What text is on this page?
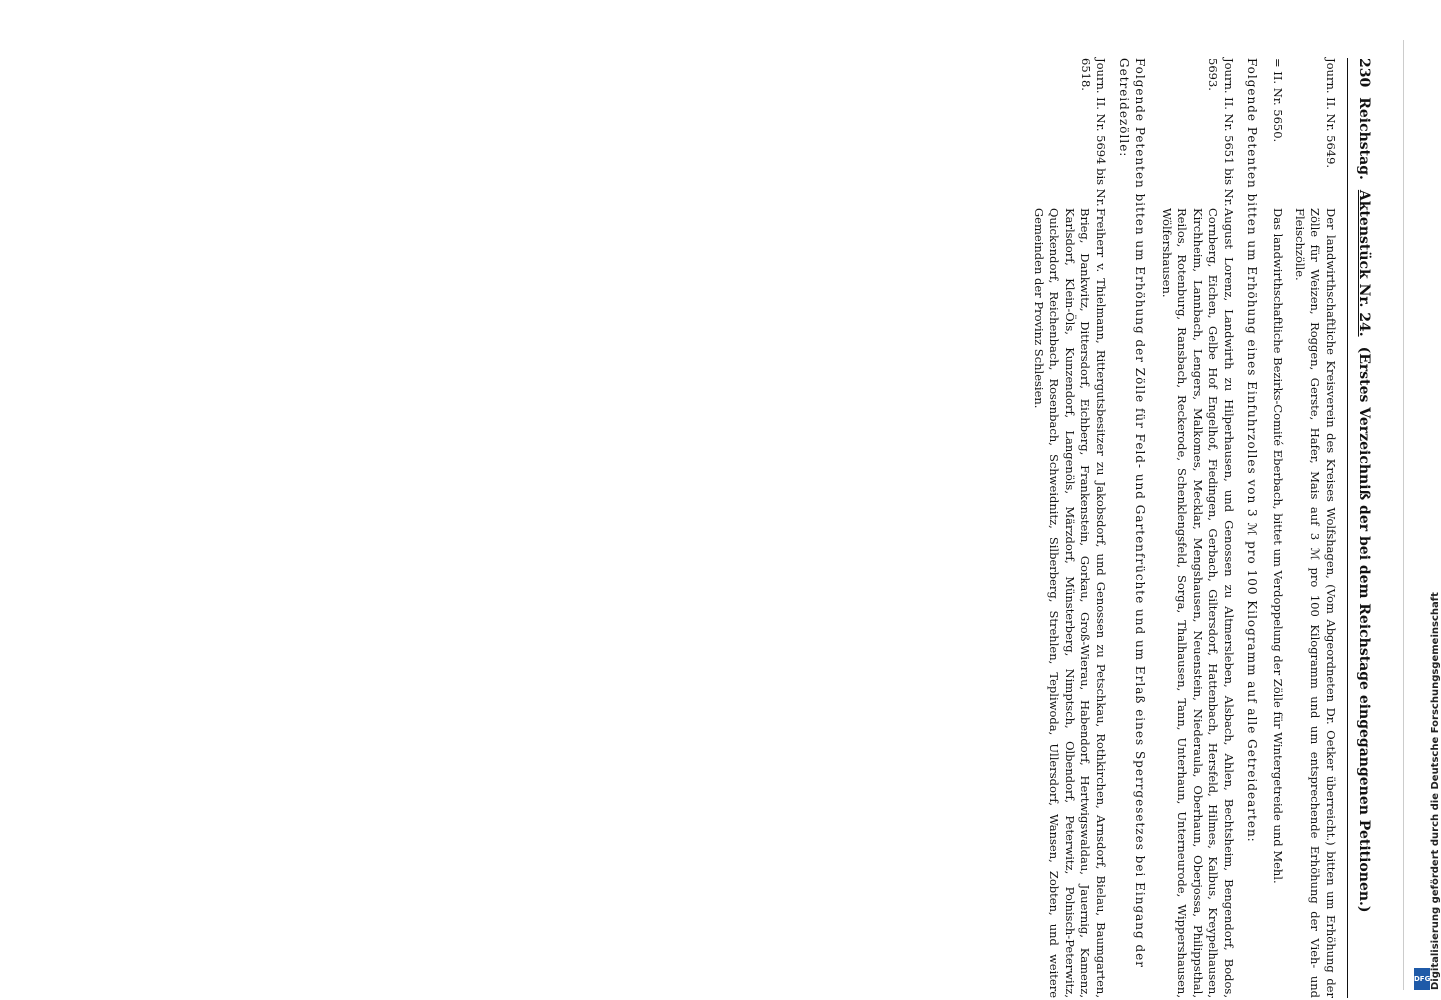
230
Reichstag.
Aktenstück Nr. 24.
(Erstes Verzeichniß der bei dem Reichstage eingegangenen Petitionen.)
Journ. II. Nr. 5649.
Der landwirthschaftliche Kreisverein des Kreises Wolfshagen, (Vom Abgeordneten Dr. Oetker überreicht.) bitten um Erhöhung der Zölle für Weizen, Roggen, Gerste, Hafer, Mais auf 3 ℳ pro 100 Kilogramm und um entsprechende Erhöhung der Vieh- und Fleischzölle.
= II. Nr. 5650.
Das landwirthschaftliche Bezirks-Comité Eberbach, bittet um Verdoppelung der Zölle für Wintergetreide und Mehl.
Folgende Petenten bitten um Erhöhung eines Einfuhrzolles von 3 ℳ pro 100 Kilogramm auf alle Getreidearten:
Journ. II. Nr. 5651 bis Nr. 5693.
August Lorenz, Landwirth zu Hilperhausen, und Genossen zu Altmersleben, Alsbach, Ahlen, Bechtsheim, Bengendorf, Bodos, Cornberg, Eichen, Gelbe Hof Engelhof, Fiedingen, Gerbach, Giltersdorf, Hattenbach, Hersfeld, Hilmes, Kalbus, Kreypelhausen, Kirchheim, Lannbach, Lengers, Malkomes, Mecklar, Mengshausen, Neuenstein, Niederaula, Oberhaun, Oberjossa, Philippsthal, Reilos, Rotenburg, Ransbach, Reckerode, Schenklengsfeld, Sorga, Thalhausen, Tann, Unterhaun, Unterneurode, Wippershausen, Wölfershausen.
Folgende Petenten bitten um Erhöhung der Zölle für Feld- und Gartenfrüchte und um Erlaß eines Sperrgesetzes bei Eingang der Getreidezölle:
Journ. II. Nr. 5694 bis Nr. 6518.
Freiherr v. Thielmann, Rittergutsbesitzer zu Jakobsdorf, und Genossen zu Petschkau, Rothkirchen, Arnsdorf, Bielau, Baumgarten, Brieg, Dankwitz, Dittersdorf, Eichberg, Frankenstein, Gorkau, Groß-Wierau, Habendorf, Hertwigswaldau, Jauernig, Kamenz, Karlsdorf, Klein-Öls, Kunzendorf, Langenöls, Märzdorf, Münsterberg, Nimptsch, Olbendorf, Peterwitz, Polnisch-Peterwitz, Quickendorf, Reichenbach, Rosenbach, Schweidnitz, Silberberg, Strehlen, Tepliwoda, Ullersdorf, Wansen, Zobten, und weitere Gemeinden der Provinz Schlesien.
Digitalisierung gefördert durch die Deutsche Forschungsgemeinschaft
DFG
